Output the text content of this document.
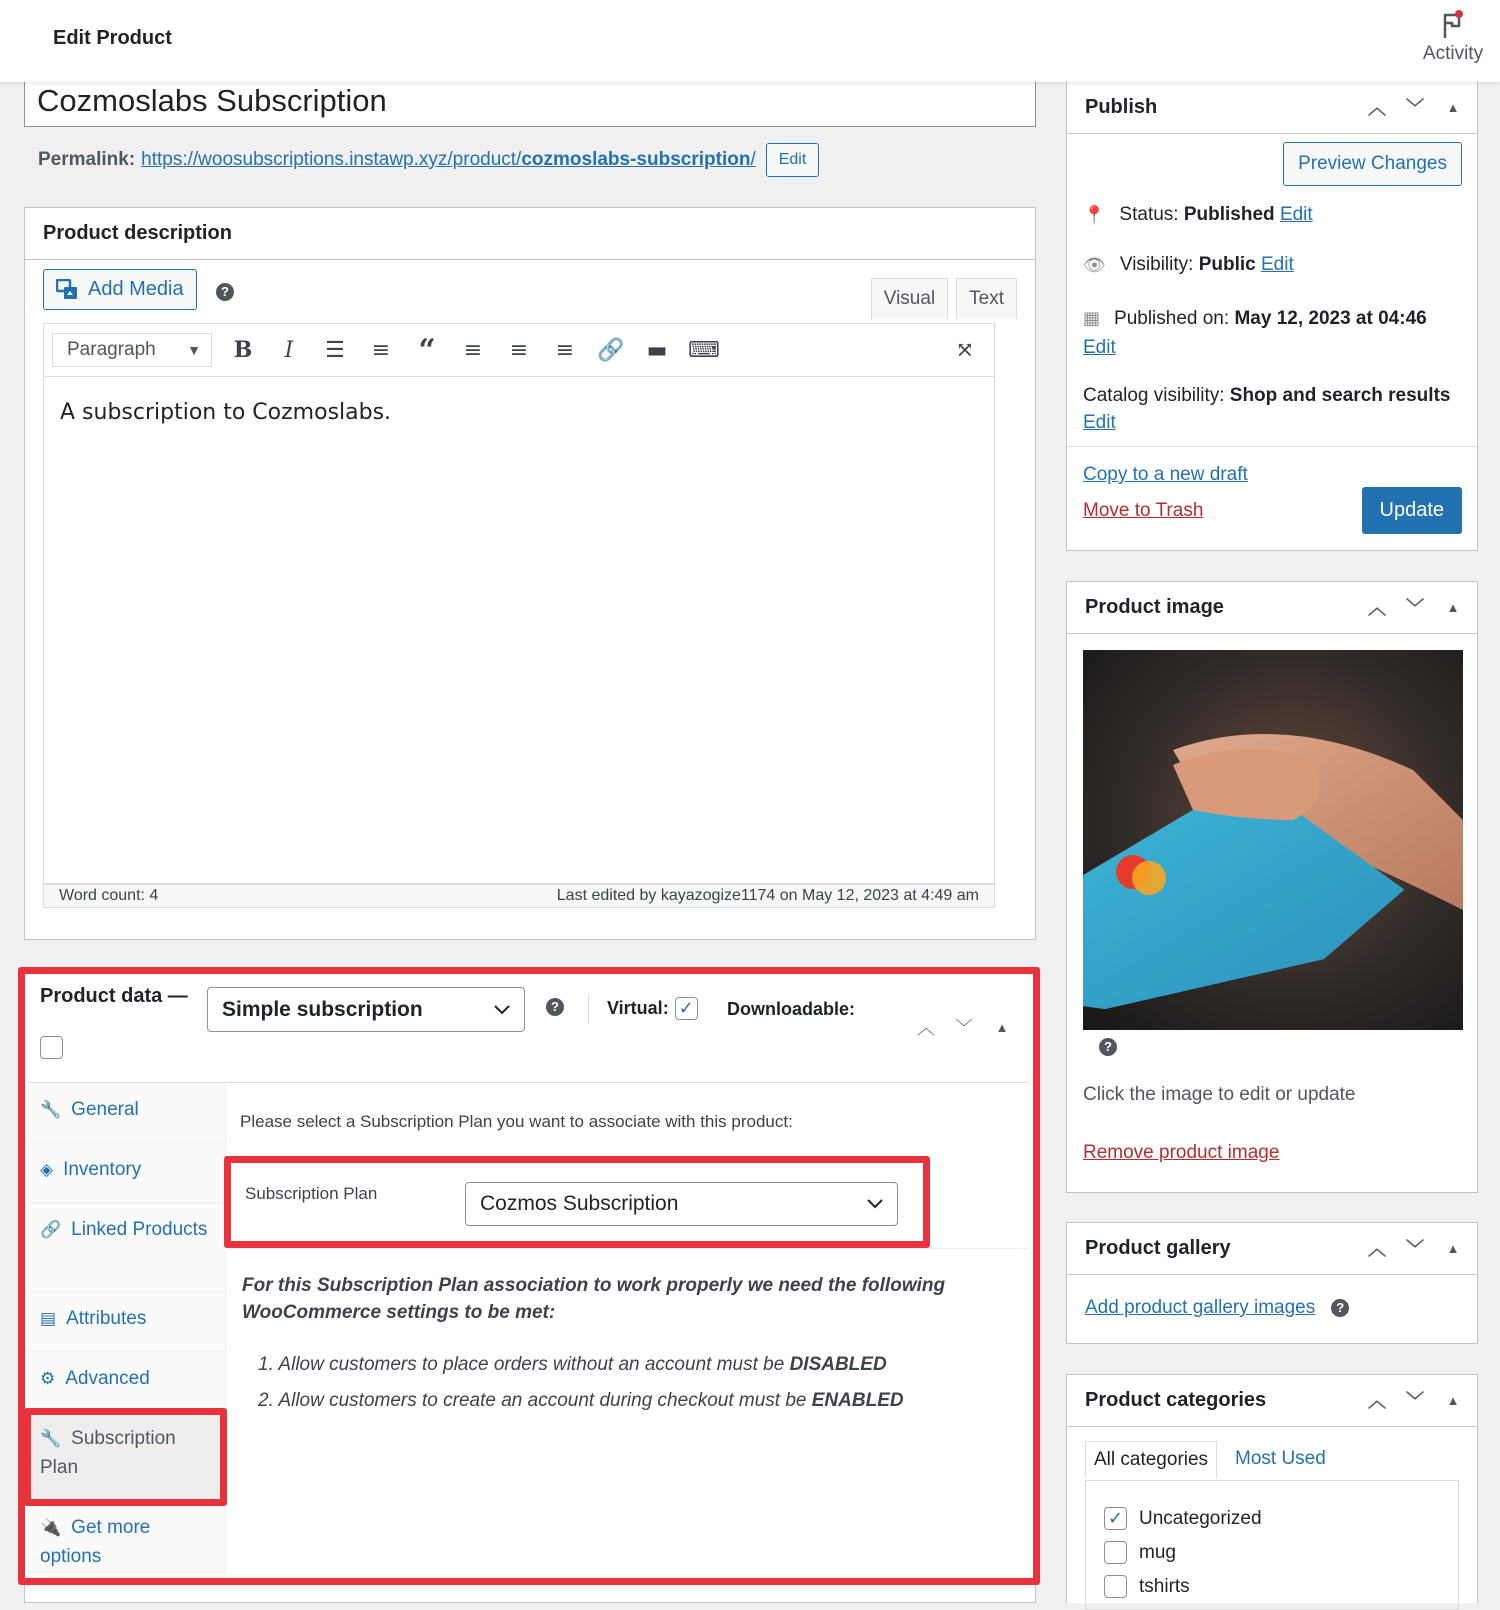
Edit Product
Activity
Cozmoslabs Subscription
Permalink: https://woosubscriptions.instawp.xyz/product/cozmoslabs-subscription/	Edit
Product description
Add Media	?	Visual	Text
Paragraph ▼ B	I	☰ ≡ “ ≡ ≡ ≡ 🔗 ▬ ⌨	⤧
A subscription to Cozmoslabs.
Word count: 4	Last edited by kayazogize1174 on May 12, 2023 at 4:49 am
Product data —
Simple subscription	?	Virtual: ✓ Downloadable:
︿ ﹀	▲
🔧 General
◈ Inventory
🔗 Linked Products
▤ Attributes
⚙ Advanced
🔧 Subscription Plan
🔌 Get more options
Please select a Subscription Plan you want to associate with this product:
Subscription Plan	Cozmos Subscription
For this Subscription Plan association to work properly we need the following WooCommerce settings to be met:
1. Allow customers to place orders without an account must be DISABLED
2. Allow customers to create an account during checkout must be ENABLED
Publish	︿ ﹀	▲
Preview Changes
📍 Status: Published Edit
👁 Visibility: Public Edit
▦ Published on: May 12, 2023 at 04:46
Edit
Catalog visibility: Shop and search results Edit
Copy to a new draft
Move to Trash	Update
Product image	︿ ﹀	▲
?
Click the image to edit or update
Remove product image
Product gallery	︿ ﹀	▲
Add product gallery images	?
Product categories	︿ ﹀	▲
All categories	Most Used
✓ Uncategorized
mug
tshirts
